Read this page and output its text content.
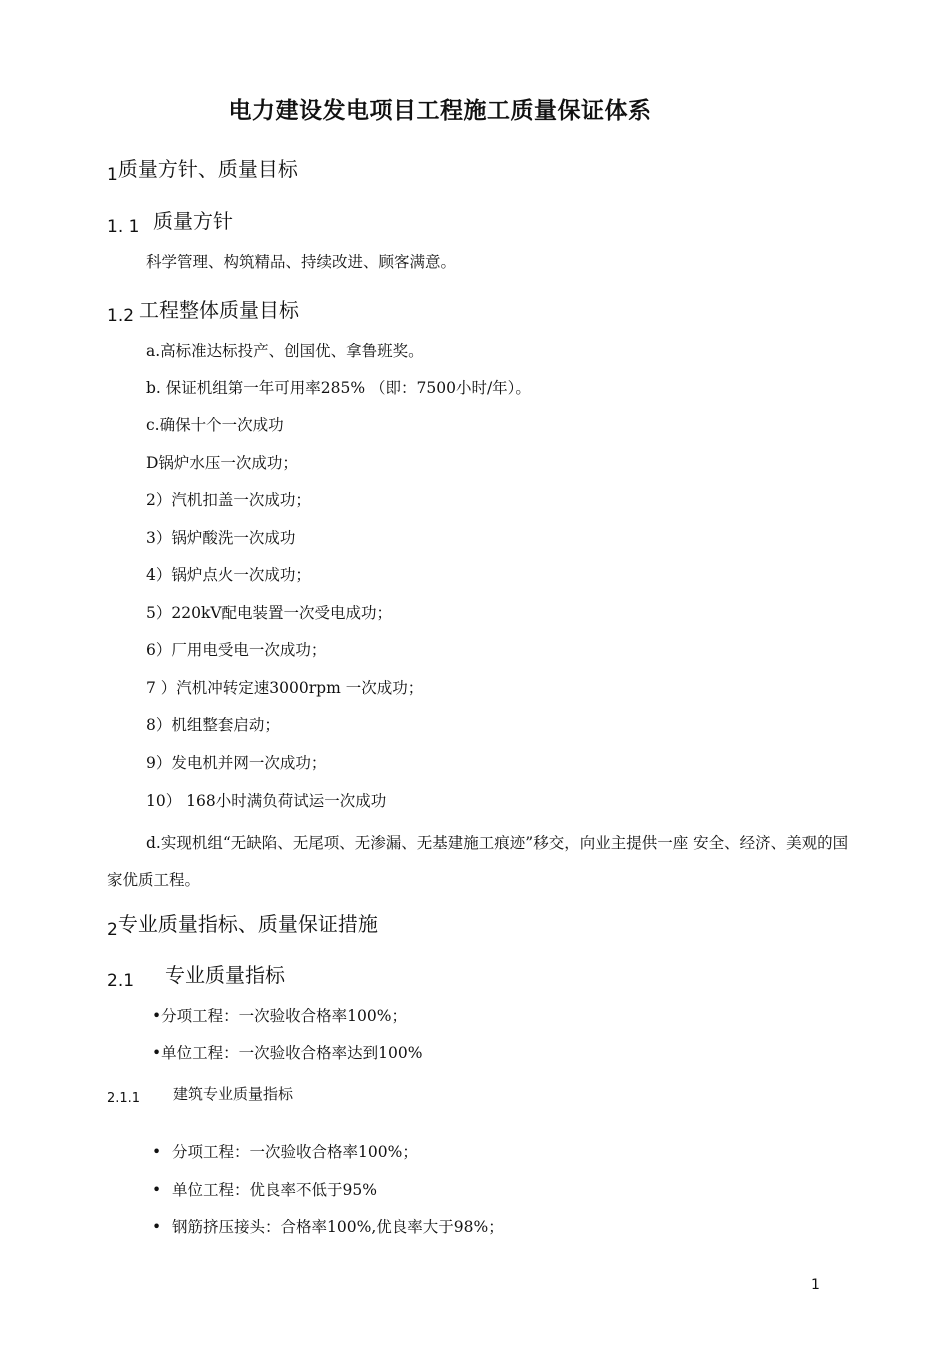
电力建设发电项目工程施工质量保证体系
1质量方针、质量目标
1. 1 质量方针
科学管理、构筑精品、持续改进、顾客满意。
1.2 工程整体质量目标
a.高标准达标投产、创国优、拿鲁班奖。
b. 保证机组第一年可用率285% （即：7500小时/年）。
c.确保十个一次成功
D锅炉水压一次成功；
2）汽机扣盖一次成功；
3）锅炉酸洗一次成功
4）锅炉点火一次成功；
5）220kV配电装置一次受电成功；
6）厂用电受电一次成功；
7 ）汽机冲转定速3000rpm 一次成功；
8）机组整套启动；
9）发电机并网一次成功；
10） 168小时满负荷试运一次成功
d.实现机组“无缺陷、无尾项、无渗漏、无基建施工痕迹”移交，向业主提供一座 安全、经济、美观的国家优质工程。
2专业质量指标、质量保证措施
2.1 专业质量指标
•分项工程：一次验收合格率100%；
•单位工程：一次验收合格率达到100%
2.1.1 建筑专业质量指标
• 分项工程：一次验收合格率100%；
• 单位工程：优良率不低于95%
• 钢筋挤压接头：合格率100%,优良率大于98%；
1
